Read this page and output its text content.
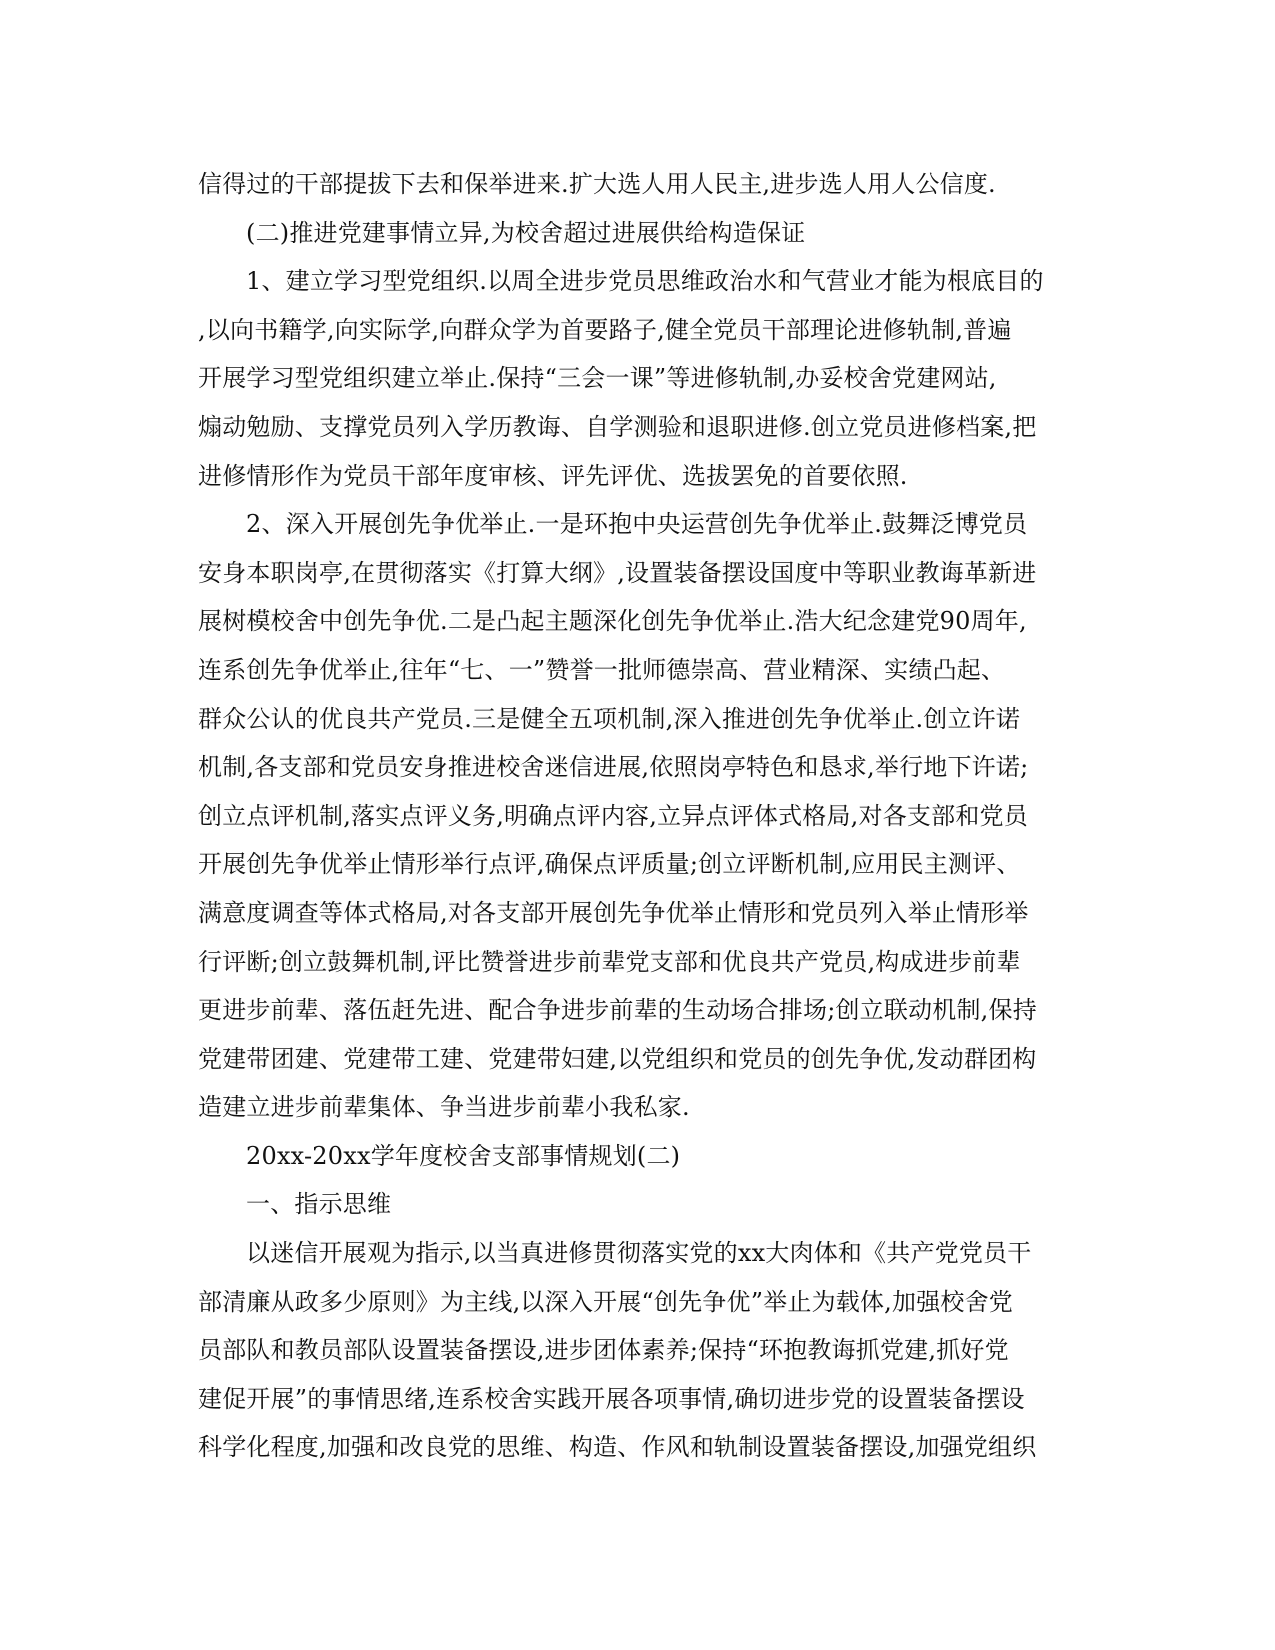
信得过的干部提拔下去和保举进来.扩大选人用人民主,进步选人用人公信度.
(二)推进党建事情立异,为校舍超过进展供给构造保证
1、建立学习型党组织.以周全进步党员思维政治水和气营业才能为根底目的
,以向书籍学,向实际学,向群众学为首要路子,健全党员干部理论进修轨制,普遍
开展学习型党组织建立举止.保持“三会一课”等进修轨制,办妥校舍党建网站,
煽动勉励、支撑党员列入学历教诲、自学测验和退职进修.创立党员进修档案,把
进修情形作为党员干部年度审核、评先评优、选拔罢免的首要依照.
2、深入开展创先争优举止.一是环抱中央运营创先争优举止.鼓舞泛博党员
安身本职岗亭,在贯彻落实《打算大纲》,设置装备摆设国度中等职业教诲革新进
展树模校舍中创先争优.二是凸起主题深化创先争优举止.浩大纪念建党90周年,
连系创先争优举止,往年“七、一”赞誉一批师德崇高、营业精深、实绩凸起、
群众公认的优良共产党员.三是健全五项机制,深入推进创先争优举止.创立许诺
机制,各支部和党员安身推进校舍迷信进展,依照岗亭特色和恳求,举行地下许诺;
创立点评机制,落实点评义务,明确点评内容,立异点评体式格局,对各支部和党员
开展创先争优举止情形举行点评,确保点评质量;创立评断机制,应用民主测评、
满意度调查等体式格局,对各支部开展创先争优举止情形和党员列入举止情形举
行评断;创立鼓舞机制,评比赞誉进步前辈党支部和优良共产党员,构成进步前辈
更进步前辈、落伍赶先进、配合争进步前辈的生动场合排场;创立联动机制,保持
党建带团建、党建带工建、党建带妇建,以党组织和党员的创先争优,发动群团构
造建立进步前辈集体、争当进步前辈小我私家.
20xx-20xx学年度校舍支部事情规划(二)
一、指示思维
以迷信开展观为指示,以当真进修贯彻落实党的xx大肉体和《共产党党员干
部清廉从政多少原则》为主线,以深入开展“创先争优”举止为载体,加强校舍党
员部队和教员部队设置装备摆设,进步团体素养;保持“环抱教诲抓党建,抓好党
建促开展”的事情思绪,连系校舍实践开展各项事情,确切进步党的设置装备摆设
科学化程度,加强和改良党的思维、构造、作风和轨制设置装备摆设,加强党组织
